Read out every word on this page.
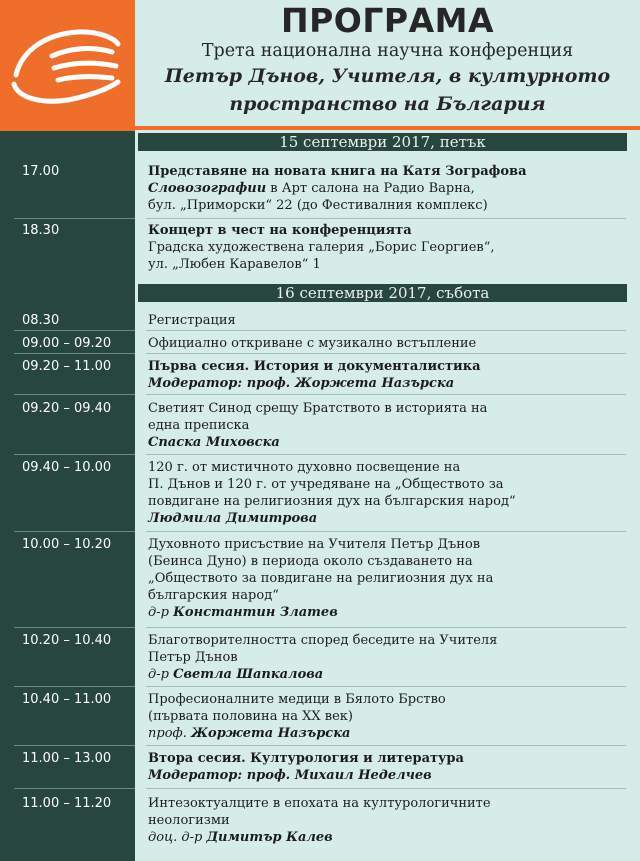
ПРОГРАМА
Трета национална научна конференция
Петър Дънов, Учителя, в културното
пространство на България
15 септември 2017, петък
17.00	Представяне на новата книга на Катя Зографова
Словозографии в Арт салона на Радио Варна,
бул. „Приморски“ 22 (до Фестивалния комплекс)
18.30	Концерт в чест на конференцията
Градска художествена галерия „Борис Георгиев“,
ул. „Любен Каравелов“ 1
16 септември 2017, събота
08.30	Регистрация
09.00 – 09.20	Официално откриване с музикално встъпление
09.20 – 11.00	Първа сесия. История и документалистика
Модератор: проф. Жоржета Назърска
09.20 – 09.40	Светият Синод срещу Братството в историята на
една преписка
Спаска Миховска
09.40 – 10.00	120 г. от мистичното духовно посвещение на
П. Дънов и 120 г. от учредяване на „Обществото за
повдигане на религиозния дух на българския народ“
Людмила Димитрова
10.00 – 10.20	Духовното присъствие на Учителя Петър Дънов
(Беинса Дуно) в периода около създаването на
„Обществото за повдигане на религиозния дух на
българския народ“
д-р Константин Златев
10.20 – 10.40	Благотворителността според беседите на Учителя
Петър Дънов
д-р Светла Шапкалова
10.40 – 11.00	Професионалните медици в Бялото Брство
(първата половина на XX век)
проф. Жоржета Назърска
11.00 – 13.00	Втора сесия. Културология и литература
Модератор: проф. Михаил Неделчев
11.00 – 11.20	Интезоктуалците в епохата на културологичните
неологизми
доц. д-р Димитър Калев
